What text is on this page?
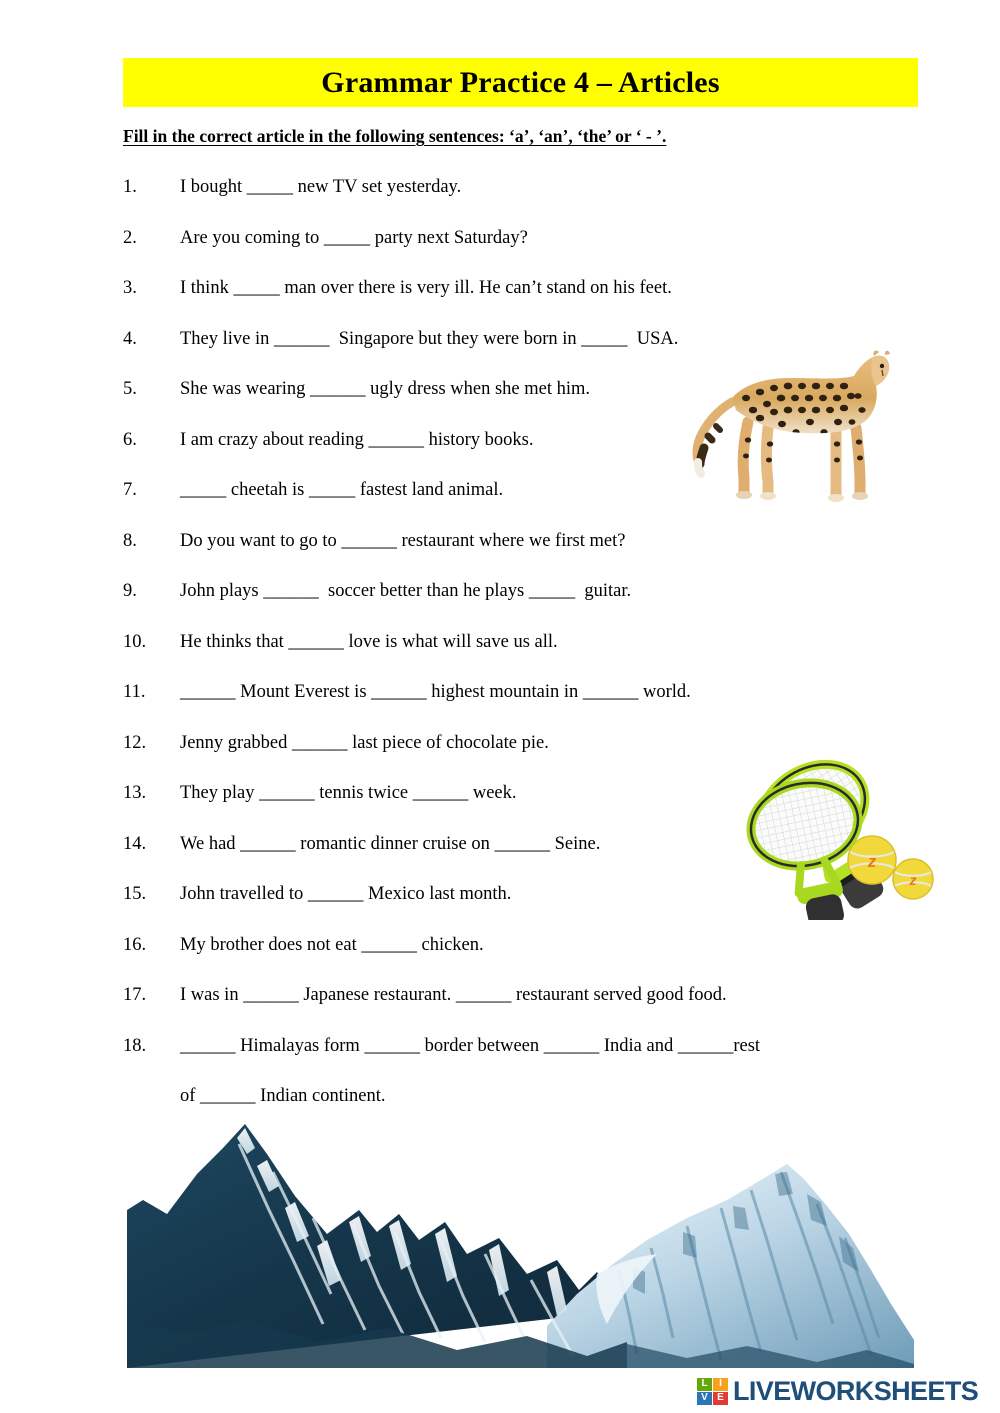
Grammar Practice 4 – Articles
Fill in the correct article in the following sentences: ‘a’, ‘an’, ‘the’ or ‘ - ’.
1.	I bought _____ new TV set yesterday.
2.	Are you coming to _____ party next Saturday?
3.	I think _____ man over there is very ill. He can’t stand on his feet.
4.	They live in ______  Singapore but they were born in _____  USA.
5.	She was wearing ______ ugly dress when she met him.
6.	I am crazy about reading ______ history books.
7.	_____ cheetah is _____ fastest land animal.
8.	Do you want to go to ______ restaurant where we first met?
9.	John plays ______  soccer better than he plays _____  guitar.
10.	He thinks that ______ love is what will save us all.
11.	______ Mount Everest is ______ highest mountain in ______ world.
12.	Jenny grabbed ______ last piece of chocolate pie.
13.	They play ______ tennis twice ______ week.
14.	We had ______ romantic dinner cruise on ______ Seine.
15.	John travelled to ______ Mexico last month.
16.	My brother does not eat ______ chicken.
17.	I was in ______ Japanese restaurant. ______ restaurant served good food.
18.	______ Himalayas form ______ border between ______ India and ______rest
of ______ Indian continent.
z
z
L	I
V E LIVEWORKSHEETS
